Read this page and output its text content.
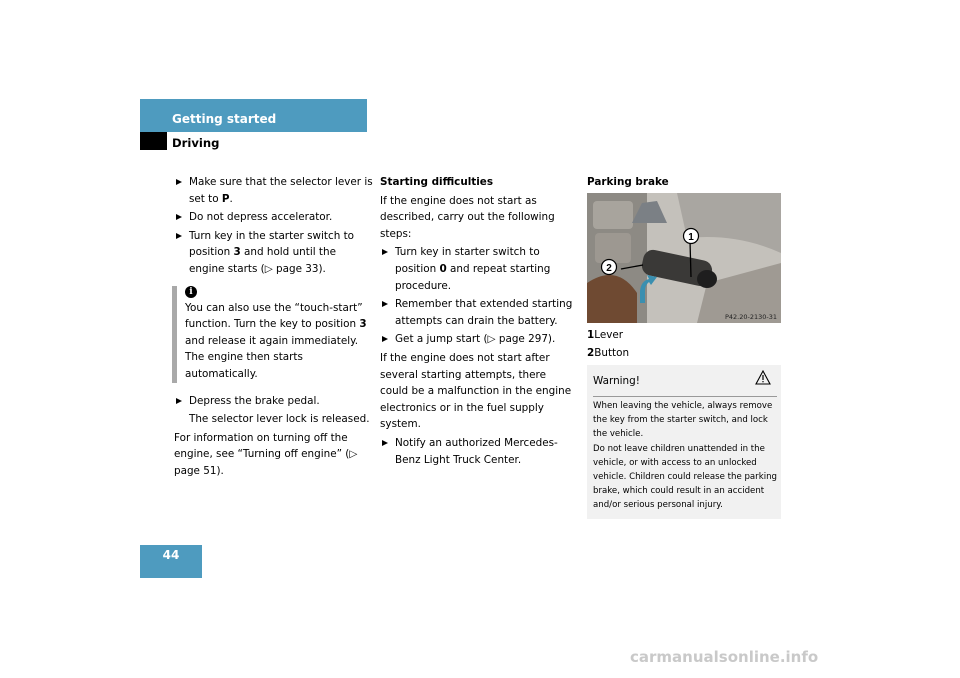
Getting started
Driving
Make sure that the selector lever is set to P.
Do not depress accelerator.
Turn key in the starter switch to position 3 and hold until the engine starts (▷ page 33).
i
You can also use the “touch-start” function. Turn the key to position 3 and release it again immediately. The engine then starts automatically.
Depress the brake pedal.

The selector lever lock is released.

For information on turning off the engine, see “Turning off engine” (▷ page 51).

Starting difficulties

If the engine does not start as described, carry out the following steps:

Turn key in starter switch to position 0 and repeat starting procedure.
Remember that extended starting attempts can drain the battery.
Get a jump start (▷ page 297).

If the engine does not start after several starting attempts, there could be a malfunction in the engine electronics or in the fuel supply system.

Notify an authorized Mercedes-Benz Light Truck Center.

Parking brake

1
2
P42.20-2130-31

1Lever

2Button

Warning!

When leaving the vehicle, always remove the key from the starter switch, and lock the vehicle.

Do not leave children unattended in the vehicle, or with access to an unlocked vehicle. Children could release the parking brake, which could result in an accident and/or serious personal injury.

44
carmanualsonline.info
